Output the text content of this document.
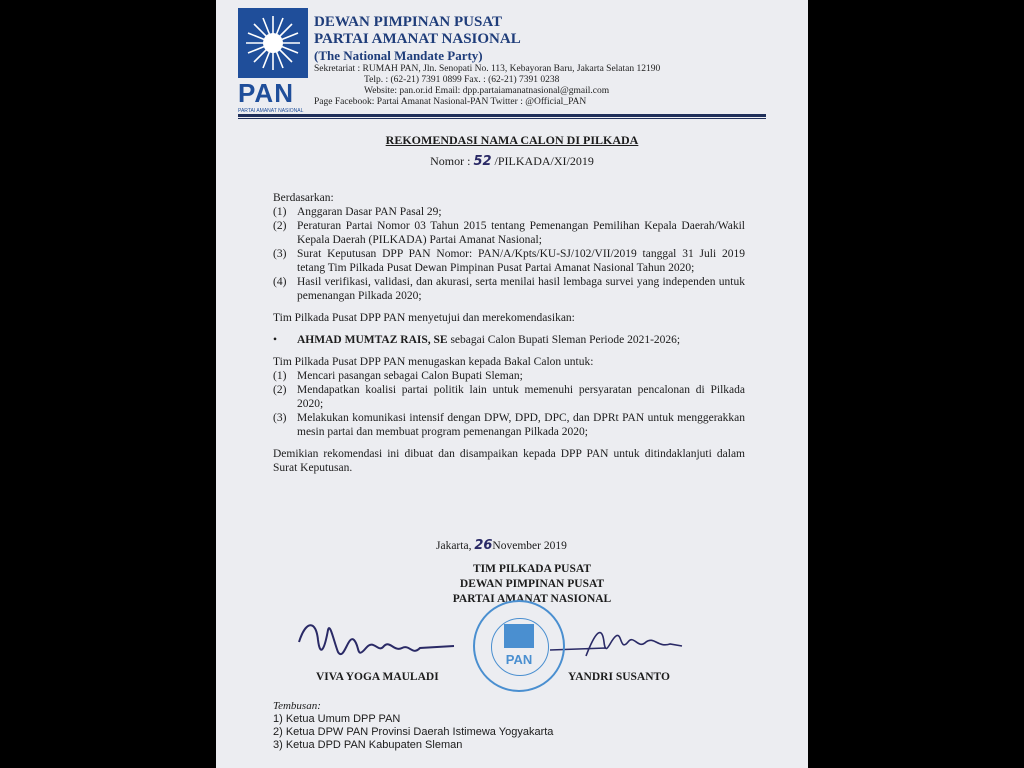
PAN
PARTAI AMANAT NASIONAL
DEWAN PIMPINAN PUSAT
PARTAI AMANAT NASIONAL
(The National Mandate Party)
Sekretariat : RUMAH PAN, Jln. Senopati No. 113, Kebayoran Baru, Jakarta Selatan 12190
Telp. : (62-21) 7391 0899 Fax. : (62-21) 7391 0238
Website: pan.or.id Email: dpp.partaiamanatnasional@gmail.com
Page Facebook: Partai Amanat Nasional-PAN Twitter : @Official_PAN
REKOMENDASI NAMA CALON DI PILKADA
Nomor : 52 /PILKADA/XI/2019

Berdasarkan:

(1) Anggaran Dasar PAN Pasal 29;
(2) Peraturan Partai Nomor 03 Tahun 2015 tentang Pemenangan Pemilihan Kepala Daerah/Wakil Kepala Daerah (PILKADA) Partai Amanat Nasional;
(3) Surat Keputusan DPP PAN Nomor: PAN/A/Kpts/KU-SJ/102/VII/2019 tanggal 31 Juli 2019 tetang Tim Pilkada Pusat Dewan Pimpinan Pusat Partai Amanat Nasional Tahun 2020;
(4) Hasil verifikasi, validasi, dan akurasi, serta menilai hasil lembaga survei yang independen untuk pemenangan Pilkada 2020;

Tim Pilkada Pusat DPP PAN menyetujui dan merekomendasikan:

•	AHMAD MUMTAZ RAIS, SE sebagai Calon Bupati Sleman Periode 2021-2026;

Tim Pilkada Pusat DPP PAN menugaskan kepada Bakal Calon untuk:

(1) Mencari pasangan sebagai Calon Bupati Sleman;
(2) Mendapatkan koalisi partai politik lain untuk memenuhi persyaratan pencalonan di Pilkada 2020;
(3) Melakukan komunikasi intensif dengan DPW, DPD, DPC, dan DPRt PAN untuk menggerakkan mesin partai dan membuat program pemenangan Pilkada 2020;

Demikian rekomendasi ini dibuat dan disampaikan kepada DPP PAN untuk ditindaklanjuti dalam Surat Keputusan.

Jakarta, 26November 2019
TIM PILKADA PUSAT
DEWAN PIMPINAN PUSAT
PARTAI AMANAT NASIONAL
PAN
VIVA YOGA MAULADI	YANDRI SUSANTO
Tembusan:
1) Ketua Umum DPP PAN
2) Ketua DPW PAN Provinsi Daerah Istimewa Yogyakarta
3) Ketua DPD PAN Kabupaten Sleman
